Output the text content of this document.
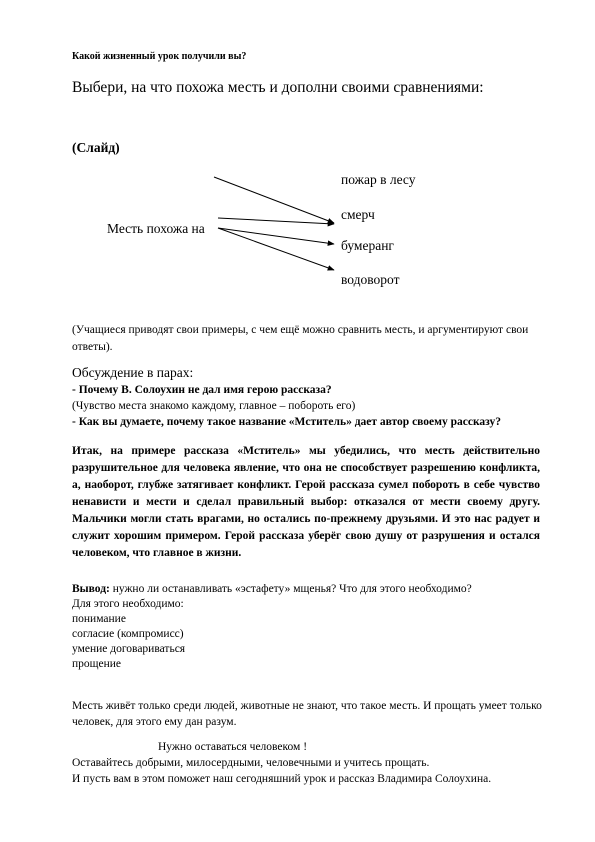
Какой жизненный урок получили вы?
Выбери, на что похожа месть и дополни своими сравнениями:
(Слайд)
Месть похожа на
пожар в лесу
смерч
бумеранг
водоворот
(Учащиеся приводят свои примеры, с чем ещё можно сравнить месть, и аргументируют свои
ответы).
Обсуждение в парах:
- Почему В. Солоухин не дал имя герою рассказа?
(Чувство места знакомо каждому, главное – побороть его)
- Как вы думаете, почему такое название «Мститель» дает автор своему рассказу?
Итак, на примере рассказа «Мститель» мы убедились, что месть действительно разрушительное для человека явление, что она не способствует разрешению конфликта, а, наоборот, глубже затягивает конфликт. Герой рассказа сумел побороть в себе чувство ненависти и мести и сделал правильный выбор: отказался от мести своему другу. Мальчики могли стать врагами, но остались по-прежнему друзьями. И это нас радует и служит хорошим примером. Герой рассказа уберёг свою душу от разрушения и остался человеком, что главное в жизни.
Вывод: нужно ли останавливать «эстафету» мщенья? Что для этого необходимо?
Для этого необходимо:
понимание
согласие (компромисс)
умение договариваться
прощение
Месть живёт только среди людей, животные не знают, что такое месть. И прощать умеет только
человек, для этого ему дан разум.
Нужно оставаться человеком !
Оставайтесь добрыми, милосердными, человечными и учитесь прощать.
И пусть вам в этом поможет наш сегодняшний урок и рассказ Владимира Солоухина.
